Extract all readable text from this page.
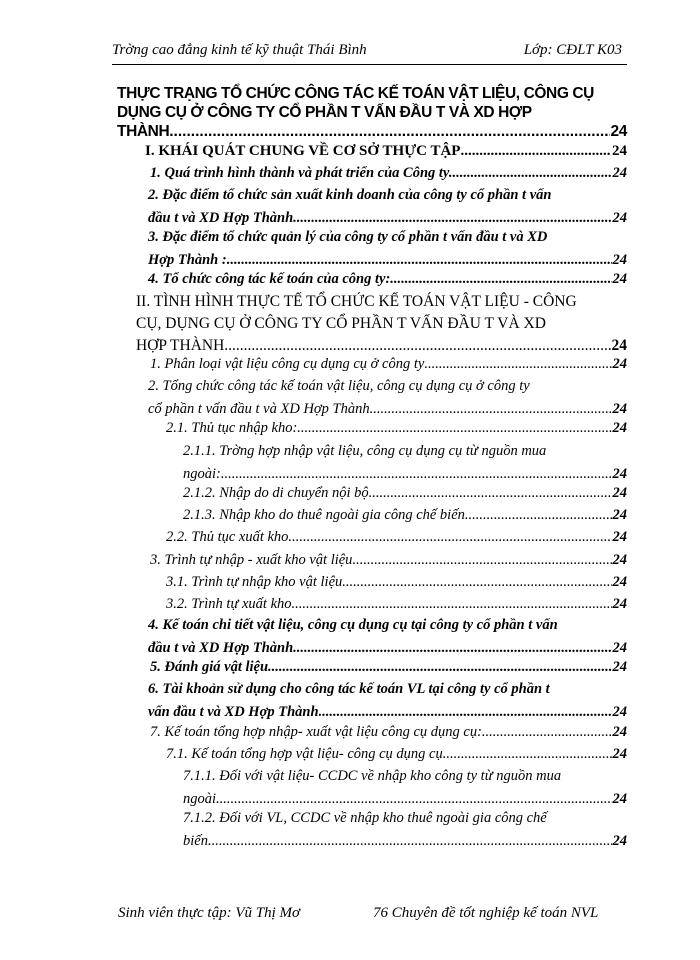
Trờng cao đẳng kinh tế kỹ thuật Thái Bình	Lớp: CĐLT K03
THỰC TRẠNG TỔ CHỨC CÔNG TÁC KẾ TOÁN VẬT LIỆU, CÔNG CỤ
DỤNG CỤ Ở CÔNG TY CỔ PHẦN T VẤN ĐẦU T VÀ XD HỢP
THÀNH .....	24
I. KHÁI QUÁT CHUNG VỀ CƠ SỞ THỰC TẬP .....	24
1. Quá trình hình thành và phát triển của Công ty. .....	24
2. Đặc điểm tổ chức sản xuất kinh doanh của công ty cổ phần t vấn
đầu t và XD Hợp Thành. .....	24
3. Đặc điểm tổ chức quản lý của công ty cổ phần t vấn đầu t và XD
Hợp Thành : .....	24
4. Tổ chức công tác kế toán của công ty: .....	24
II. TÌNH HÌNH THỰC TẾ TỔ CHỨC KẾ TOÁN VẬT LIỆU - CÔNG
CỤ, DỤNG CỤ Ở CÔNG TY CỔ PHẦN T VẤN ĐẦU T VÀ XD
HỢP THÀNH .....	24
1. Phân loại vật liệu công cụ dụng cụ ở công ty .....	24
2. Tổng chức công tác kế toán vật liệu, công cụ dụng cụ ở công ty
cổ phần t vấn đầu t và XD Hợp Thành. .....	24
2.1. Thủ tục nhập kho: .....	24
2.1.1. Trờng hợp nhập vật liệu, công cụ dụng cụ từ nguồn mua
ngoài: .....	24
2.1.2. Nhập do di chuyển nội bộ. .....	24
2.1.3. Nhập kho do thuê ngoài gia công chế biến .....	24
2.2. Thủ tục xuất kho. .....	24
3. Trình tự nhập - xuất kho vật liệu .....	24
3.1. Trình tự nhập kho vật liệu. .....	24
3.2. Trình tự xuất kho. .....	24
4. Kế toán chi tiết vật liệu, công cụ dụng cụ tại công ty cổ phần t vấn
đầu t và XD Hợp Thành .....	24
5. Đánh giá vật liệu .....	24
6. Tài khoản sử dụng cho công tác kế toán VL tại công ty cổ phần t
vấn đầu t và XD Hợp Thành .....	24
7. Kế toán tổng hợp nhập- xuất vật liệu công cụ dụng cụ: .....	24
7.1. Kế toán tổng hợp vật liệu- công cụ dụng cụ .....	24
7.1.1. Đối với vật liệu- CCDC về nhập kho công ty từ nguồn mua
ngoài. .....	24
7.1.2. Đối với VL, CCDC về nhập kho thuê ngoài gia công chế
biến .....	24
Sinh viên thực tập: Vũ Thị Mơ	76 Chuyên đề tốt nghiệp kế toán NVL
